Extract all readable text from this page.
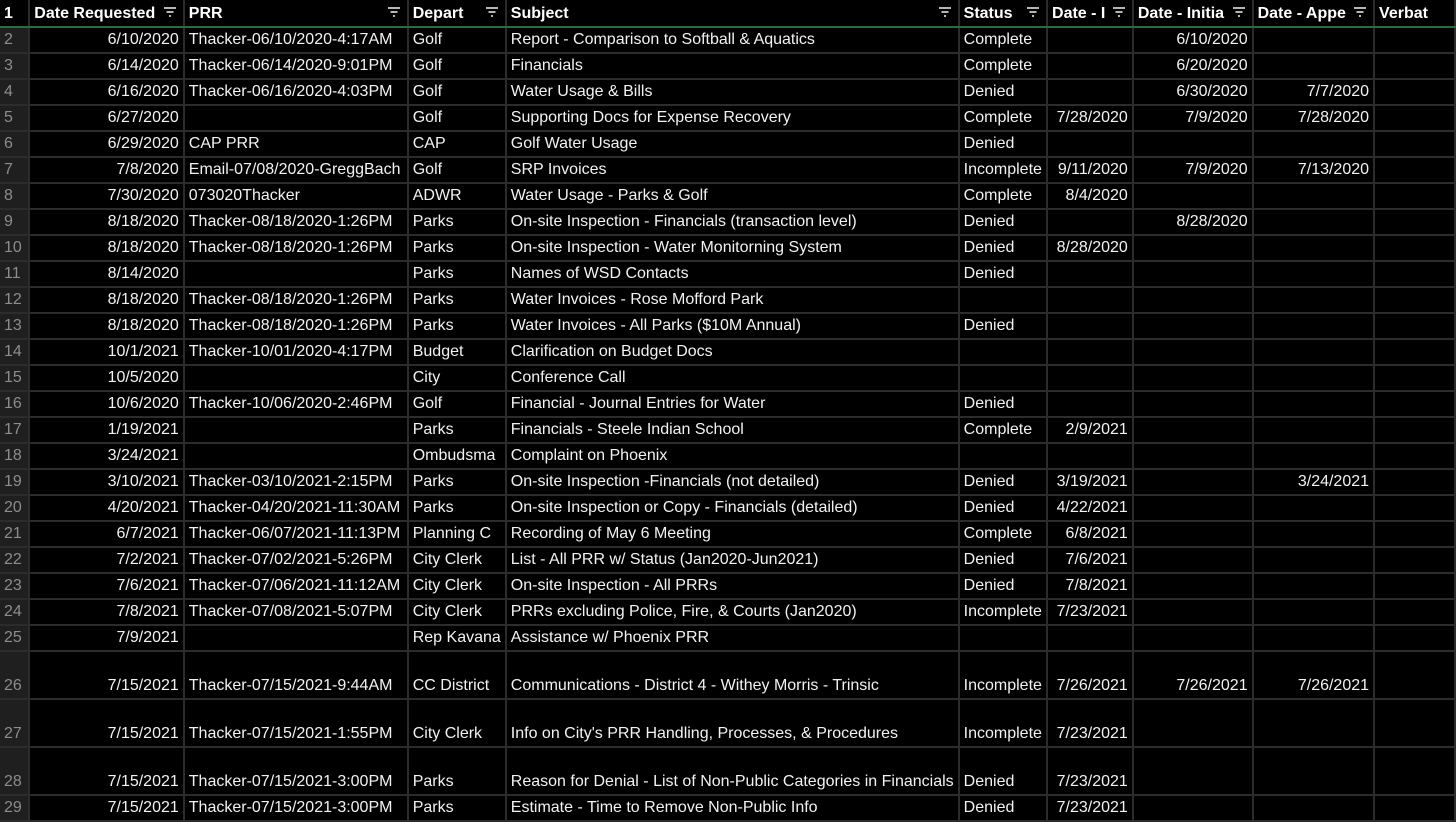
1	Date Requested	PRR	Depart	Subject	Status	Date - I	Date - Initia	Date - Appe	Verbat

2	6/10/2020	Thacker-06/10/2020-4:17AM	Golf	Report - Comparison to Softball & Aquatics	Complete		6/10/2020		
3	6/14/2020	Thacker-06/14/2020-9:01PM	Golf	Financials	Complete		6/20/2020		
4	6/16/2020	Thacker-06/16/2020-4:03PM	Golf	Water Usage & Bills	Denied		6/30/2020	7/7/2020	
5	6/27/2020		Golf	Supporting Docs for Expense Recovery	Complete	7/28/2020	7/9/2020	7/28/2020	
6	6/29/2020	CAP PRR	CAP	Golf Water Usage	Denied				
7	7/8/2020	Email-07/08/2020-GreggBach	Golf	SRP Invoices	Incomplete	9/11/2020	7/9/2020	7/13/2020	
8	7/30/2020	073020Thacker	ADWR	Water Usage - Parks & Golf	Complete	8/4/2020			
9	8/18/2020	Thacker-08/18/2020-1:26PM	Parks	On-site Inspection - Financials (transaction level)	Denied		8/28/2020		
10	8/18/2020	Thacker-08/18/2020-1:26PM	Parks	On-site Inspection - Water Monitorning System	Denied	8/28/2020			
11	8/14/2020		Parks	Names of WSD Contacts	Denied				
12	8/18/2020	Thacker-08/18/2020-1:26PM	Parks	Water Invoices - Rose Mofford Park					
13	8/18/2020	Thacker-08/18/2020-1:26PM	Parks	Water Invoices - All Parks ($10M Annual)	Denied				
14	10/1/2021	Thacker-10/01/2020-4:17PM	Budget	Clarification on Budget Docs					
15	10/5/2020		City	Conference Call					
16	10/6/2020	Thacker-10/06/2020-2:46PM	Golf	Financial - Journal Entries for Water	Denied				
17	1/19/2021		Parks	Financials - Steele Indian School	Complete	2/9/2021			
18	3/24/2021		Ombudsma	Complaint on Phoenix					
19	3/10/2021	Thacker-03/10/2021-2:15PM	Parks	On-site Inspection -Financials (not detailed)	Denied	3/19/2021		3/24/2021	
20	4/20/2021	Thacker-04/20/2021-11:30AM	Parks	On-site Inspection or Copy - Financials (detailed)	Denied	4/22/2021			
21	6/7/2021	Thacker-06/07/2021-11:13PM	Planning C	Recording of May 6 Meeting	Complete	6/8/2021			
22	7/2/2021	Thacker-07/02/2021-5:26PM	City Clerk	List - All PRR w/ Status (Jan2020-Jun2021)	Denied	7/6/2021			
23	7/6/2021	Thacker-07/06/2021-11:12AM	City Clerk	On-site Inspection - All PRRs	Denied	7/8/2021			
24	7/8/2021	Thacker-07/08/2021-5:07PM	City Clerk	PRRs excluding Police, Fire, & Courts (Jan2020)	Incomplete	7/23/2021			
25	7/9/2021		Rep Kavana	Assistance w/ Phoenix PRR					
26	7/15/2021	Thacker-07/15/2021-9:44AM	CC District	Communications - District 4 - Withey Morris - Trinsic	Incomplete	7/26/2021	7/26/2021	7/26/2021	
27	7/15/2021	Thacker-07/15/2021-1:55PM	City Clerk	Info on City's PRR Handling, Processes, & Procedures	Incomplete	7/23/2021			
28	7/15/2021	Thacker-07/15/2021-3:00PM	Parks	Reason for Denial - List of Non-Public Categories in Financials	Denied	7/23/2021			
29	7/15/2021	Thacker-07/15/2021-3:00PM	Parks	Estimate - Time to Remove Non-Public Info	Denied	7/23/2021			
